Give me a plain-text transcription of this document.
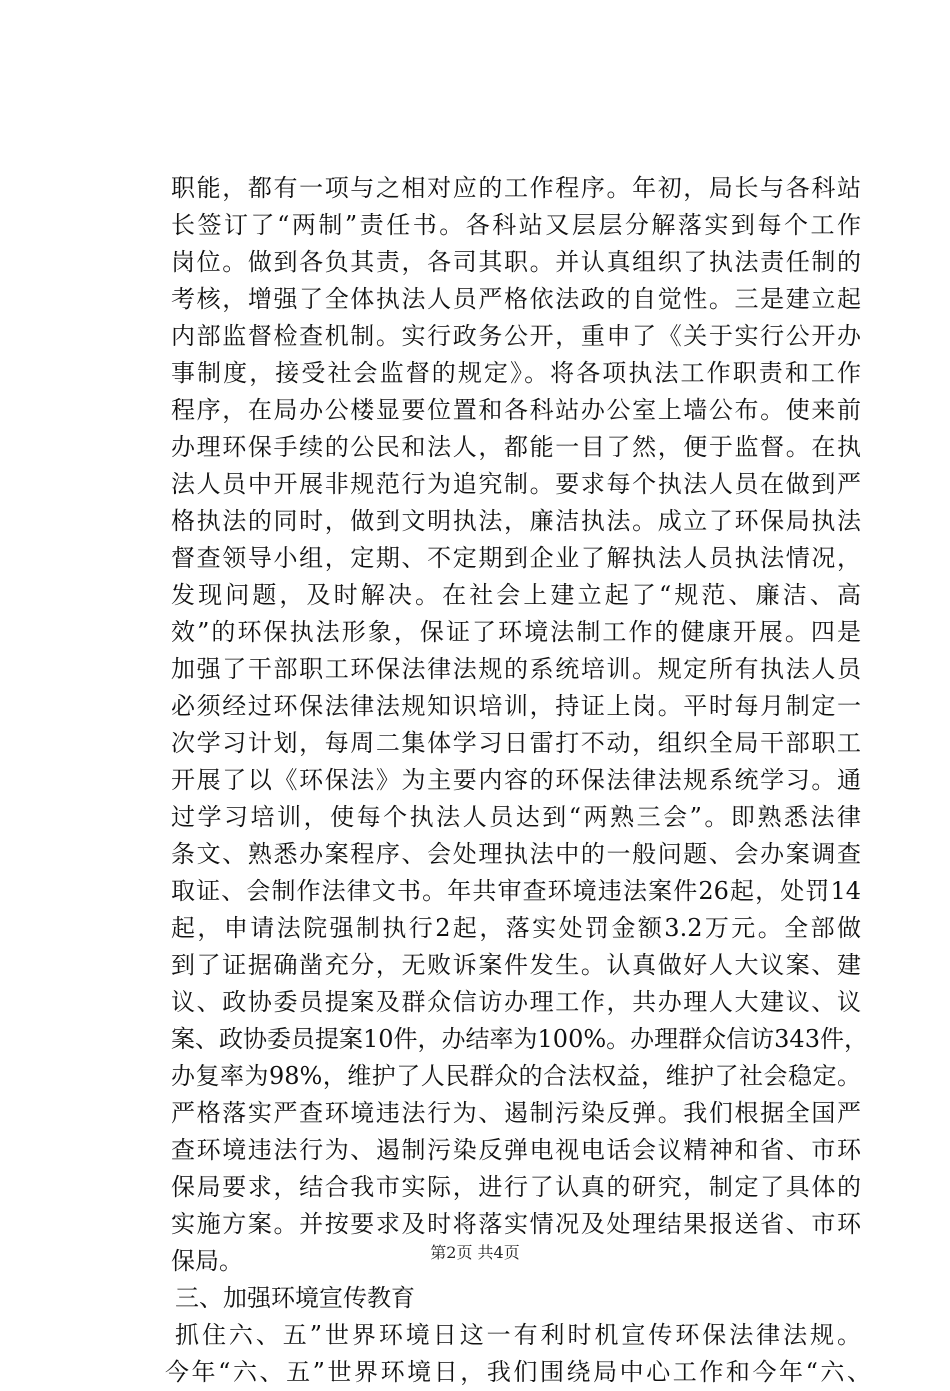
职能，都有一项与之相对应的工作程序。年初，局长与各科站
长签订了“两制”责任书。各科站又层层分解落实到每个工作
岗位。做到各负其责，各司其职。并认真组织了执法责任制的
考核，增强了全体执法人员严格依法政的自觉性。三是建立起
内部监督检查机制。实行政务公开，重申了《关于实行公开办
事制度，接受社会监督的规定》。将各项执法工作职责和工作
程序，在局办公楼显要位置和各科站办公室上墙公布。使来前
办理环保手续的公民和法人，都能一目了然，便于监督。在执
法人员中开展非规范行为追究制。要求每个执法人员在做到严
格执法的同时，做到文明执法，廉洁执法。成立了环保局执法
督查领导小组，定期、不定期到企业了解执法人员执法情况，
发现问题，及时解决。在社会上建立起了“规范、廉洁、高
效”的环保执法形象，保证了环境法制工作的健康开展。四是
加强了干部职工环保法律法规的系统培训。规定所有执法人员
必须经过环保法律法规知识培训，持证上岗。平时每月制定一
次学习计划，每周二集体学习日雷打不动，组织全局干部职工
开展了以《环保法》为主要内容的环保法律法规系统学习。通
过学习培训，使每个执法人员达到“两熟三会”。即熟悉法律
条文、熟悉办案程序、会处理执法中的一般问题、会办案调查
取证、会制作法律文书。年共审查环境违法案件26起，处罚14
起，申请法院强制执行2起，落实处罚金额3.2万元。全部做
到了证据确凿充分，无败诉案件发生。认真做好人大议案、建
议、政协委员提案及群众信访办理工作，共办理人大建议、议
案、政协委员提案10件，办结率为100%。办理群众信访343件，
办复率为98%，维护了人民群众的合法权益，维护了社会稳定。
严格落实严查环境违法行为、遏制污染反弹。我们根据全国严
查环境违法行为、遏制污染反弹电视电话会议精神和省、市环
保局要求，结合我市实际，进行了认真的研究，制定了具体的
实施方案。并按要求及时将落实情况及处理结果报送省、市环
保局。
三、加强环境宣传教育
抓住六、五”世界环境日这一有利时机宣传环保法律法规。
今年“六、五”世界环境日，我们围绕局中心工作和今年“六、
第2页 共4页
